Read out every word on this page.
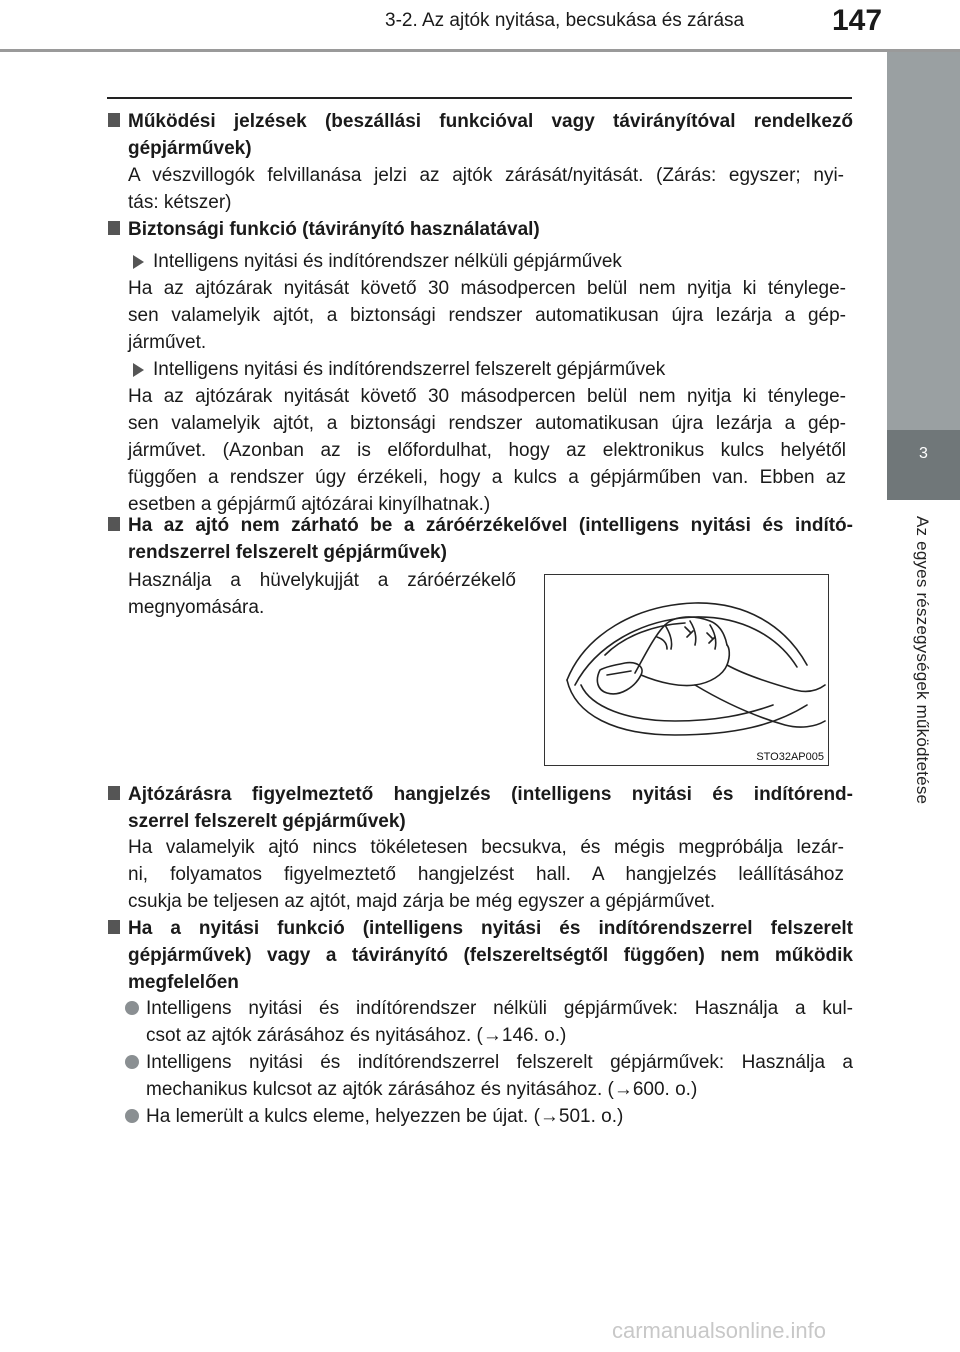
3-2. Az ajtók nyitása, becsukása és zárása	147
3
Az egyes részegységek működtetése
Működési jelzések (beszállási funkcióval vagy távirányítóval rendelkező
gépjárművek)
A vészvillogók felvillanása jelzi az ajtók zárását/nyitását. (Zárás: egyszer; nyi-
tás: kétszer)
Biztonsági funkció (távirányító használatával)
Intelligens nyitási és indítórendszer nélküli gépjárművek
Ha az ajtózárak nyitását követő 30 másodpercen belül nem nyitja ki ténylege-
sen valamelyik ajtót, a biztonsági rendszer automatikusan újra lezárja a gép-
járművet.
Intelligens nyitási és indítórendszerrel felszerelt gépjárművek
Ha az ajtózárak nyitását követő 30 másodpercen belül nem nyitja ki ténylege-
sen valamelyik ajtót, a biztonsági rendszer automatikusan újra lezárja a gép-
járművet. (Azonban az is előfordulhat, hogy az elektronikus kulcs helyétől
függően a rendszer úgy érzékeli, hogy a kulcs a gépjárműben van. Ebben az
esetben a gépjármű ajtózárai kinyílhatnak.)
Ha az ajtó nem zárható be a záróérzékelővel (intelligens nyitási és indító-
rendszerrel felszerelt gépjárművek)
Használja a hüvelykujját a záróérzékelő
megnyomására.
STO32AP005
Ajtózárásra figyelmeztető hangjelzés (intelligens nyitási és indítórend-
szerrel felszerelt gépjárművek)
Ha valamelyik ajtó nincs tökéletesen becsukva, és mégis megpróbálja lezár-
ni, folyamatos figyelmeztető hangjelzést hall. A hangjelzés leállításához
csukja be teljesen az ajtót, majd zárja be még egyszer a gépjárművet.
Ha a nyitási funkció (intelligens nyitási és indítórendszerrel felszerelt
gépjárművek) vagy a távirányító (felszereltségtől függően) nem működik
megfelelően
Intelligens nyitási és indítórendszer nélküli gépjárművek: Használja a kul-
csot az ajtók zárásához és nyitásához. (→146. o.)
Intelligens nyitási és indítórendszerrel felszerelt gépjárművek: Használja a
mechanikus kulcsot az ajtók zárásához és nyitásához. (→600. o.)
Ha lemerült a kulcs eleme, helyezzen be újat. (→501. o.)
carmanualsonline.info
